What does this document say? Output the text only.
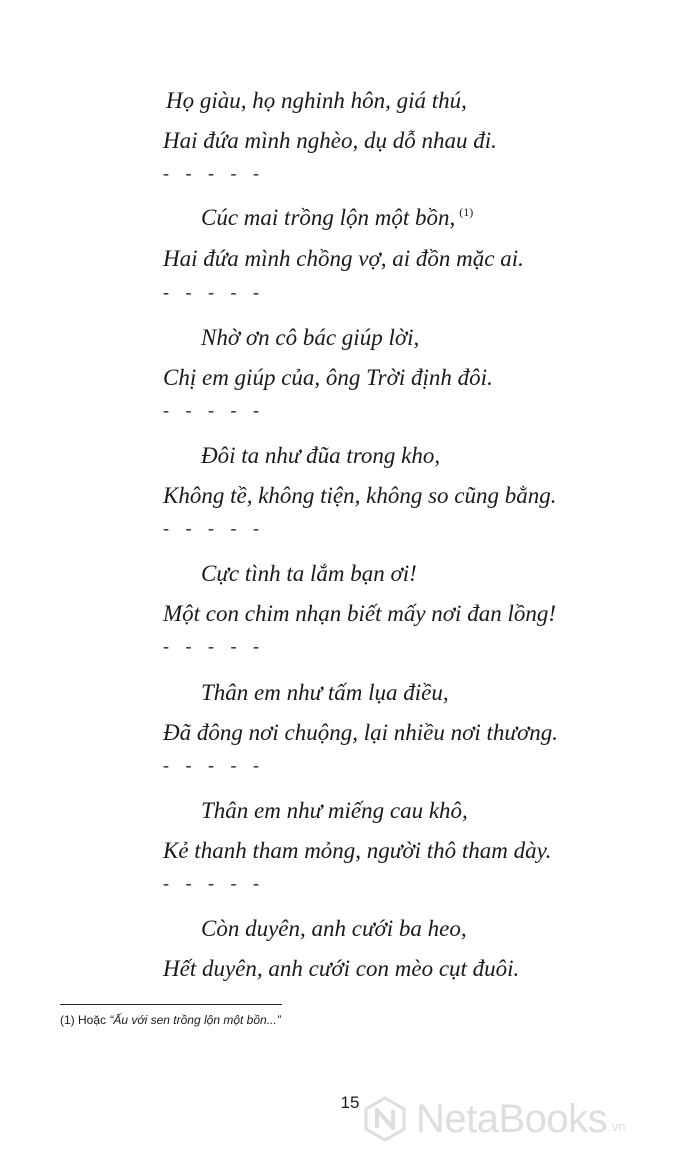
Họ giàu, họ nghinh hôn, giá thú,
Hai đứa mình nghèo, dụ dỗ nhau đi.
- - - - -
Cúc mai trồng lộn một bồn, $^{(1)}$
Hai đứa mình chồng vợ, ai đồn mặc ai.
- - - - -
Nhờ ơn cô bác giúp lời,
Chị em giúp của, ông Trời định đôi.
- - - - -
Đôi ta như đũa trong kho,
Không tề, không tiện, không so cũng bằng.
- - - - -
Cực tình ta lắm bạn ơi!
Một con chim nhạn biết mấy nơi đan lồng!
- - - - -
Thân em như tấm lụa điều,
Đã đông nơi chuộng, lại nhiều nơi thương.
- - - - -
Thân em như miếng cau khô,
Kẻ thanh tham mỏng, người thô tham dày.
- - - - -
Còn duyên, anh cưới ba heo,
Hết duyên, anh cưới con mèo cụt đuôi.
(1) Hoặc “Ấu với sen trồng lộn một bồn...”
15	NetaBooks .vn
